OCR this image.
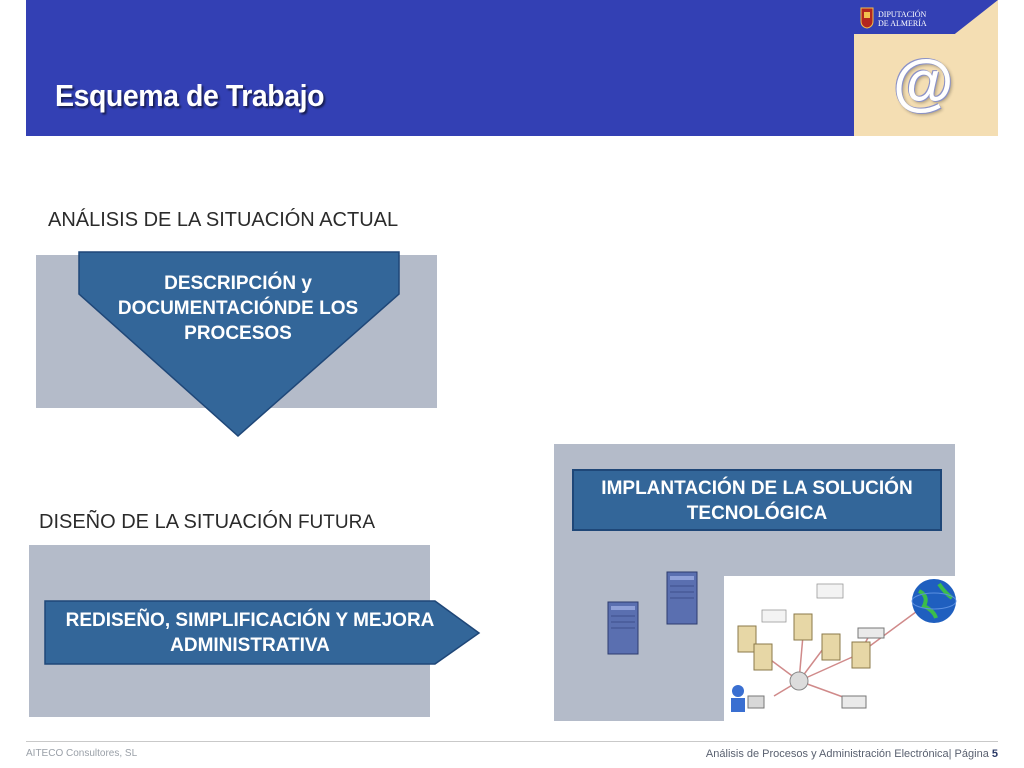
Esquema de Trabajo
DIPUTACIÓN
DE ALMERÍA
@
ANÁLISIS DE LA SITUACIÓN ACTUAL
DESCRIPCIÓN y
DOCUMENTACIÓNDE LOS
PROCESOS
DISEÑO DE LA SITUACIÓN FUTURA
REDISEÑO, SIMPLIFICACIÓN Y MEJORA
ADMINISTRATIVA
IMPLANTACIÓN DE LA SOLUCIÓN
TECNOLÓGICA
AITECO Consultores, SL	Análisis de Procesos y Administración Electrónica| Página 5
